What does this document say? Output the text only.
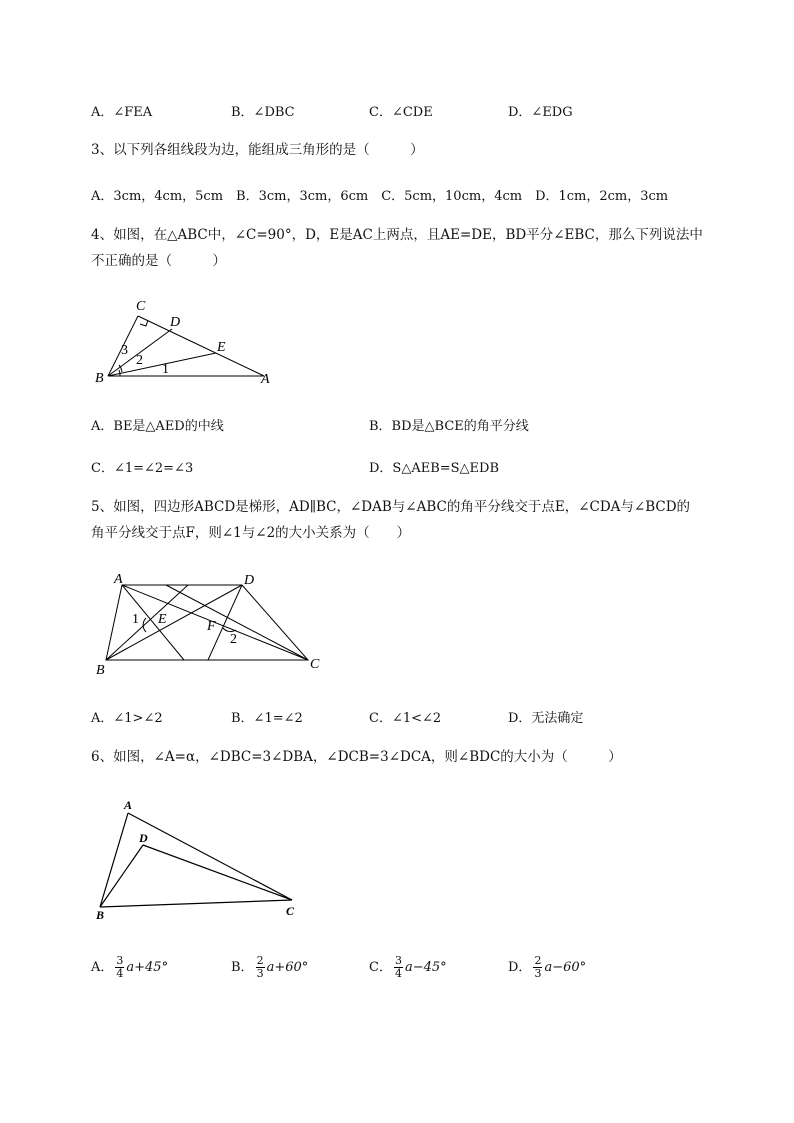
A．∠FEA	B．∠DBC	C．∠CDE	D．∠EDG
3、以下列各组线段为边，能组成三角形的是（　　　）
A．3cm，4cm，5cm　B．3cm，3cm，6cm　C．5cm，10cm，4cm　D．1cm，2cm，3cm
4、如图，在△ABC中，∠C=90°，D，E是AC上两点，且AE=DE，BD平分∠EBC，那么下列说法中
不正确的是（　　　）
C
D
E
B	A
1
2
3
A．BE是△AED的中线	B．BD是△BCE的角平分线
C．∠1=∠2=∠3	D．S△AEB=S△EDB
5、如图，四边形ABCD是梯形，AD∥BC，∠DAB与∠ABC的角平分线交于点E，∠CDA与∠BCD的
角平分线交于点F，则∠1与∠2的大小关系为（　　）
A	D
E	F
B	C
1
2
A．∠1>∠2	B．∠1=∠2	C．∠1<∠2	D．无法确定
6、如图，∠A=α，∠DBC=3∠DBA，∠DCB=3∠DCA，则∠BDC的大小为（　　　）
A
D
B	C
A． $\frac{3}{4} a+45^\circ$	B． $\frac{2}{3} a+60^\circ$	C． $\frac{3}{4} a-45^\circ$	D． $\frac{2}{3} a-60^\circ$
